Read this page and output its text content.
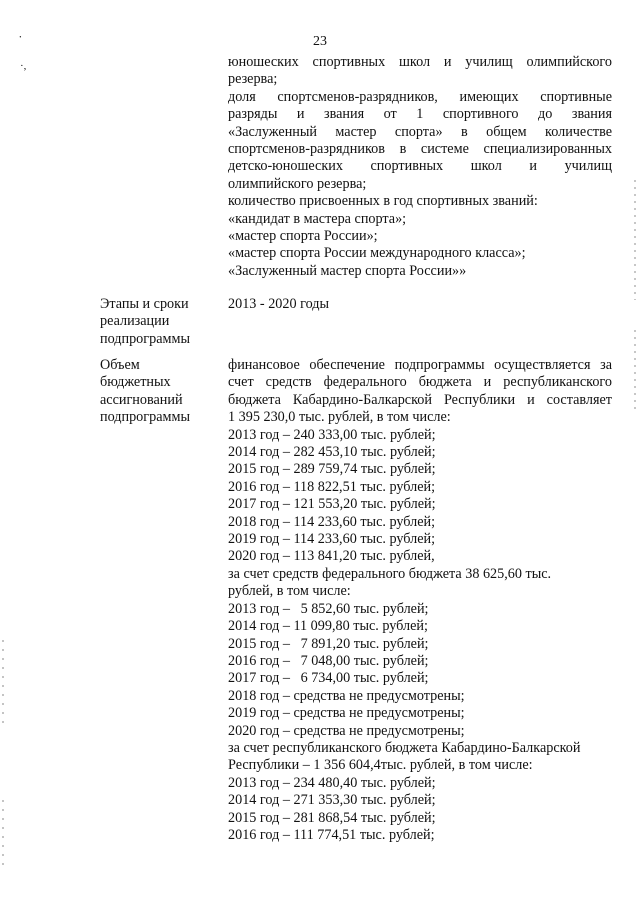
·,
23

юношеских спортивных школ и училищ олимпийского

резерва;

доля спортсменов-разрядников, имеющих спортивные

разряды и звания от 1 спортивного до звания

«Заслуженный мастер спорта» в общем количестве

спортсменов-разрядников в системе специализированных

детско-юношеских спортивных школ и училищ

олимпийского резерва;

количество присвоенных в год спортивных званий:

«кандидат в мастера спорта»;

«мастер спорта России»;

«мастер спорта России международного класса»;

«Заслуженный мастер спорта России»»

Этапы и сроки
реализации
подпрограммы
2013 - 2020 годы
Объем
бюджетных
ассигнований
подпрограммы

финансовое обеспечение подпрограммы осуществляется за

счет средств федерального бюджета и республиканского

бюджета Кабардино-Балкарской Республики и составляет

1 395 230,0 тыс. рублей, в том числе:

2013 год – 240 333,00 тыс. рублей;

2014 год – 282 453,10 тыс. рублей;

2015 год – 289 759,74 тыс. рублей;

2016 год – 118 822,51 тыс. рублей;

2017 год – 121 553,20 тыс. рублей;

2018 год – 114 233,60 тыс. рублей;

2019 год – 114 233,60 тыс. рублей;

2020 год – 113 841,20 тыс. рублей,

за счет средств федерального бюджета 38 625,60 тыс.

рублей, в том числе:

2013 год –   5 852,60 тыс. рублей;

2014 год – 11 099,80 тыс. рублей;

2015 год –   7 891,20 тыс. рублей;

2016 год –   7 048,00 тыс. рублей;

2017 год –   6 734,00 тыс. рублей;

2018 год – средства не предусмотрены;

2019 год – средства не предусмотрены;

2020 год – средства не предусмотрены;

за счет республиканского бюджета Кабардино-Балкарской

Республики – 1 356 604,4тыс. рублей, в том числе:

2013 год – 234 480,40 тыс. рублей;

2014 год – 271 353,30 тыс. рублей;

2015 год – 281 868,54 тыс. рублей;

2016 год – 111 774,51 тыс. рублей;
